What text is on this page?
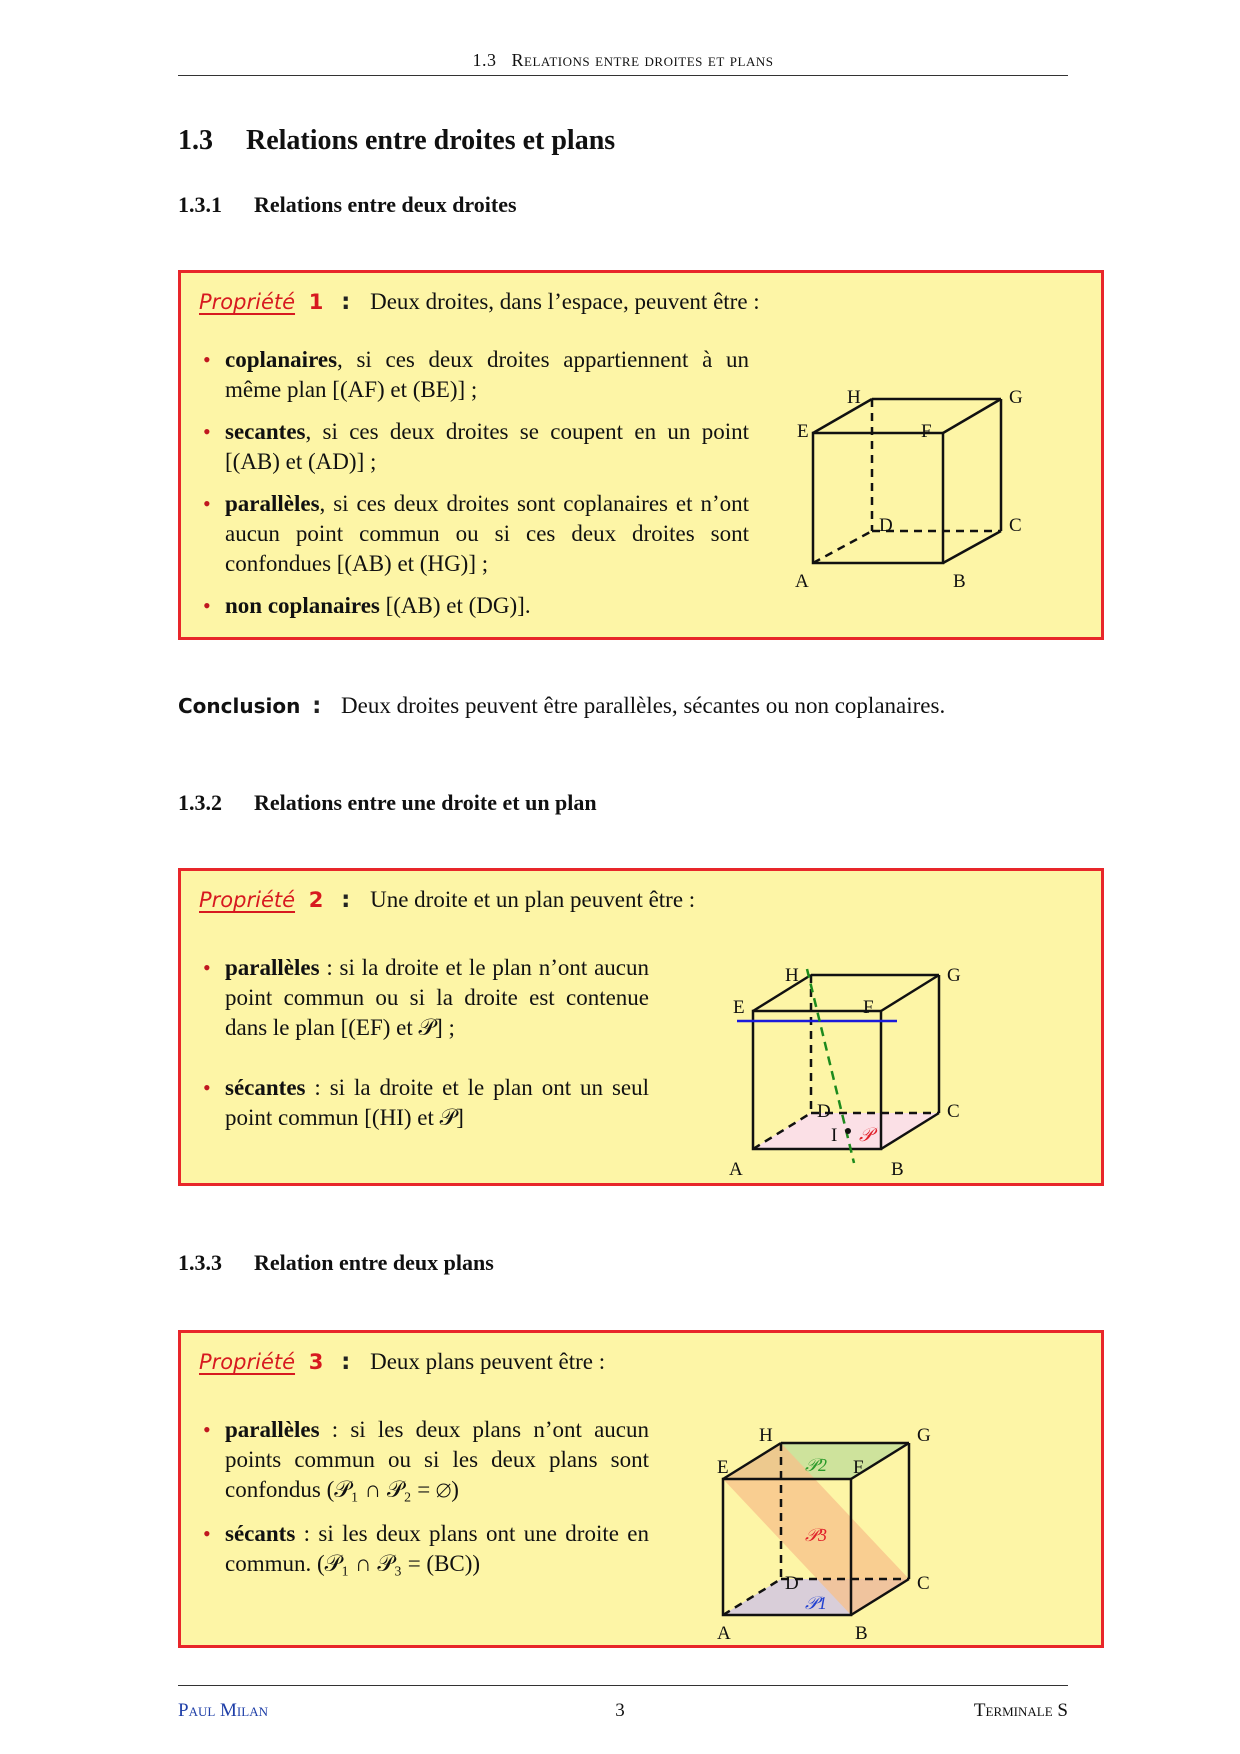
1.3 Relations entre droites et plans
1.3 Relations entre droites et plans
1.3.1 Relations entre deux droites
Propriété 1 : Deux droites, dans l’espace, peuvent être :
• coplanaires, si ces deux droites appartiennent à un même plan [(AF) et (BE)] ;
• secantes, si ces deux droites se coupent en un point [(AB) et (AD)] ;
• parallèles, si ces deux droites sont coplanaires et n’ont aucun point commun ou si ces deux droites sont confondues [(AB) et (HG)] ;
• non coplanaires [(AB) et (DG)].
A	B
C
D
E	F
G
H
Conclusion : Deux droites peuvent être parallèles, sécantes ou non coplanaires.
1.3.2 Relations entre une droite et un plan
Propriété 2 : Une droite et un plan peuvent être :
• parallèles : si la droite et le plan n’ont aucun point commun ou si la droite est contenue dans le plan [(EF) et 𝒫] ;
• sécantes : si la droite et le plan ont un seul point commun [(HI) et 𝒫]
A	B
C
D
E	F
G
H
I 𝒫
1.3.3 Relation entre deux plans
Propriété 3 : Deux plans peuvent être :
• parallèles : si les deux plans n’ont aucun points commun ou si les deux plans sont confondus (𝒫₁ ∩ 𝒫₂ = ∅)
• sécants : si les deux plans ont une droite en commun. (𝒫₁ ∩ 𝒫₃ = (BC))
A	B
C
D
E	F
G
H
𝒫2
𝒫3
𝒫1
Paul Milan	3	Terminale S
